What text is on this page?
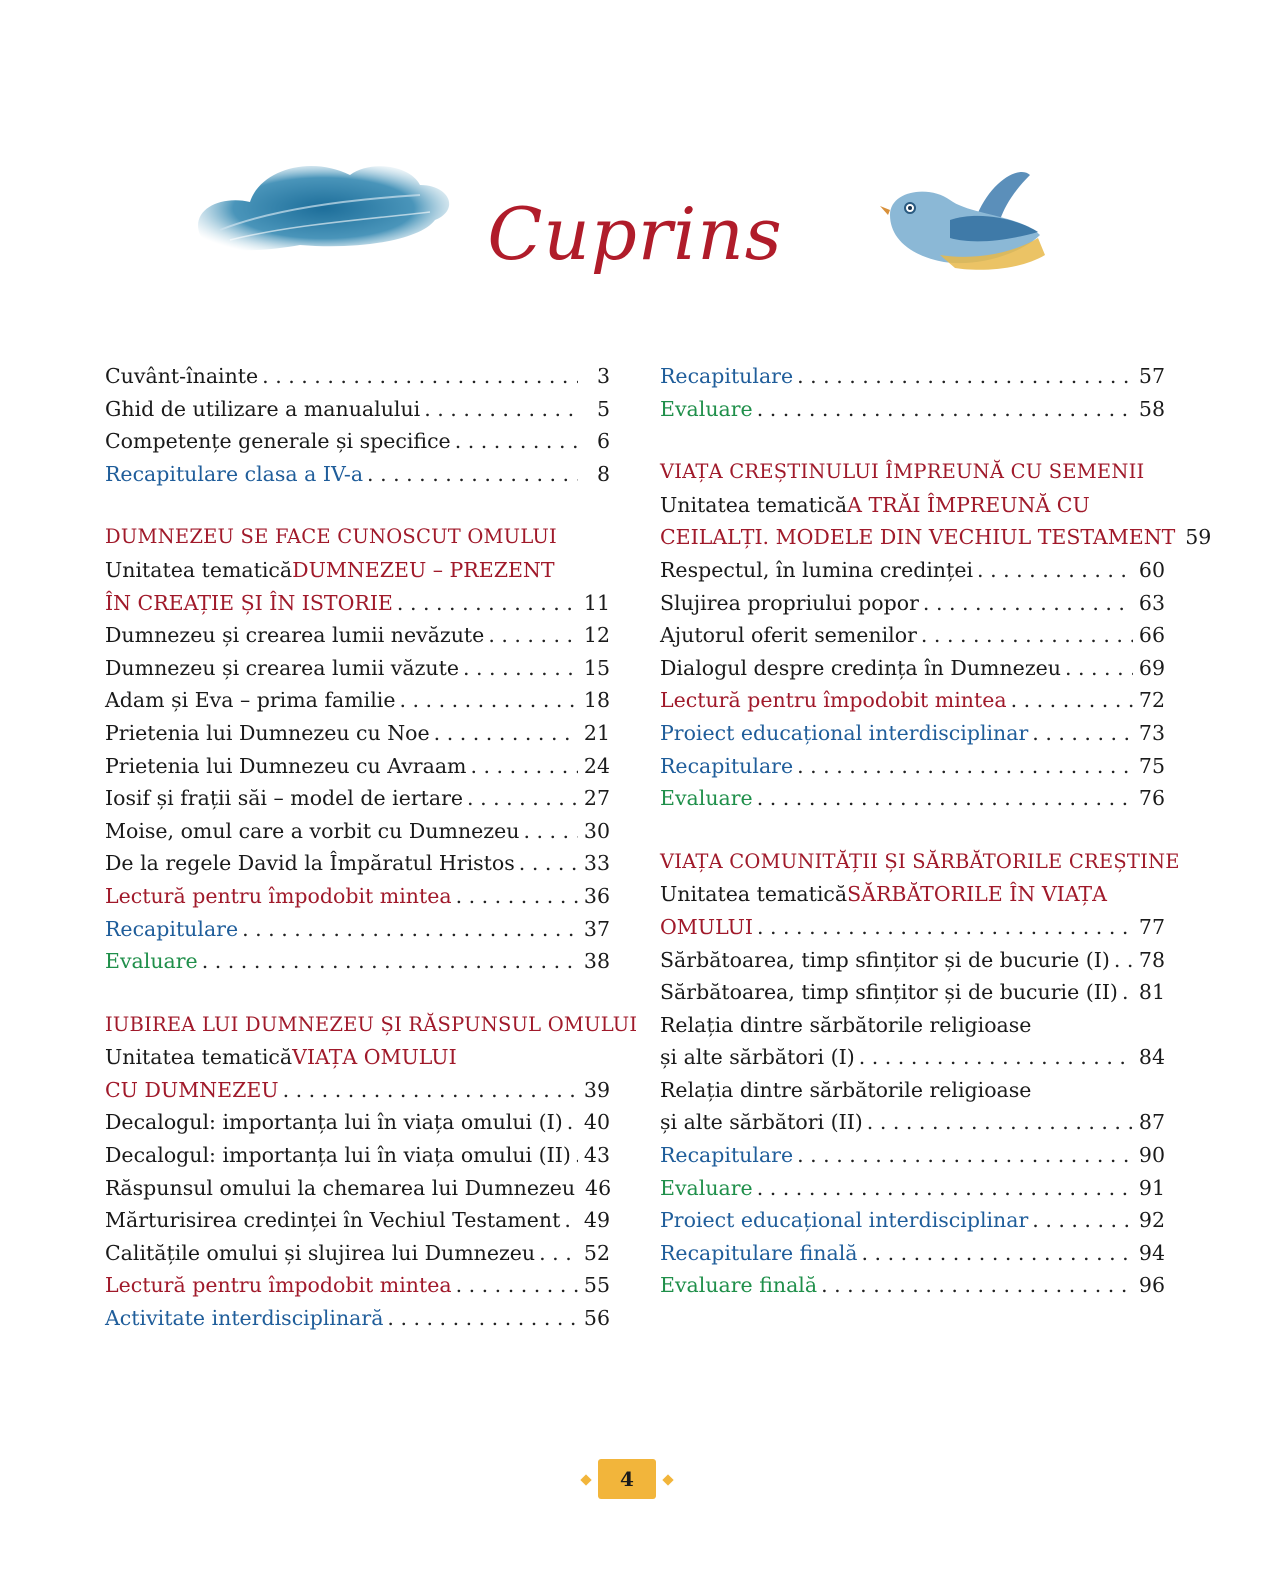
Cuprins
Cuvânt-înainte . . .	3
Ghid de utilizare a manualului . . .	5
Competențe generale și specifice . . .	6
Recapitulare clasa a IV-a . . .	8
DUMNEZEU SE FACE CUNOSCUT OMULUI
Unitatea tematică DUMNEZEU – PREZENT
ÎN CREAȚIE ȘI ÎN ISTORIE . . .	11
Dumnezeu și crearea lumii nevăzute . . .	12
Dumnezeu și crearea lumii văzute . . .	15
Adam și Eva – prima familie . . .	18
Prietenia lui Dumnezeu cu Noe . . .	21
Prietenia lui Dumnezeu cu Avraam . . .	24
Iosif și frații săi – model de iertare . . .	27
Moise, omul care a vorbit cu Dumnezeu . . .	30
De la regele David la Împăratul Hristos . . .	33
Lectură pentru împodobit mintea . . .	36
Recapitulare . . .	37
Evaluare . . .	38
IUBIREA LUI DUMNEZEU ȘI RĂSPUNSUL OMULUI
Unitatea tematică VIAȚA OMULUI
CU DUMNEZEU . . .	39
Decalogul: importanța lui în viața omului (I) . . . 40
Decalogul: importanța lui în viața omului (II) . . . 43
Răspunsul omului la chemarea lui Dumnezeu 46
Mărturisirea credinței în Vechiul Testament . . . 49
Calitățile omului și slujirea lui Dumnezeu . . . 52
Lectură pentru împodobit mintea . . .	55
Activitate interdisciplinară . . .	56
Recapitulare . . .	57
Evaluare . . .	58
VIAȚA CREȘTINULUI ÎMPREUNĂ CU SEMENII
Unitatea tematică A TRĂI ÎMPREUNĂ CU
CEILALȚI. MODELE DIN VECHIUL TESTAMENT 59
Respectul, în lumina credinței . . .	60
Slujirea propriului popor . . .	63
Ajutorul oferit semenilor . . .	66
Dialogul despre credința în Dumnezeu . . .	69
Lectură pentru împodobit mintea . . .	72
Proiect educațional interdisciplinar . . .	73
Recapitulare . . .	75
Evaluare . . .	76
VIAȚA COMUNITĂȚII ȘI SĂRBĂTORILE CREȘTINE
Unitatea tematică SĂRBĂTORILE ÎN VIAȚA
OMULUI . . .	77
Sărbătoarea, timp sfințitor și de bucurie (I) . . . 78
Sărbătoarea, timp sfințitor și de bucurie (II) . . . 81
Relația dintre sărbătorile religioase
și alte sărbători (I) . . .	84
Relația dintre sărbătorile religioase
și alte sărbători (II) . . .	87
Recapitulare . . .	90
Evaluare . . .	91
Proiect educațional interdisciplinar . . .	92
Recapitulare finală . . .	94
Evaluare finală . . .	96
4
